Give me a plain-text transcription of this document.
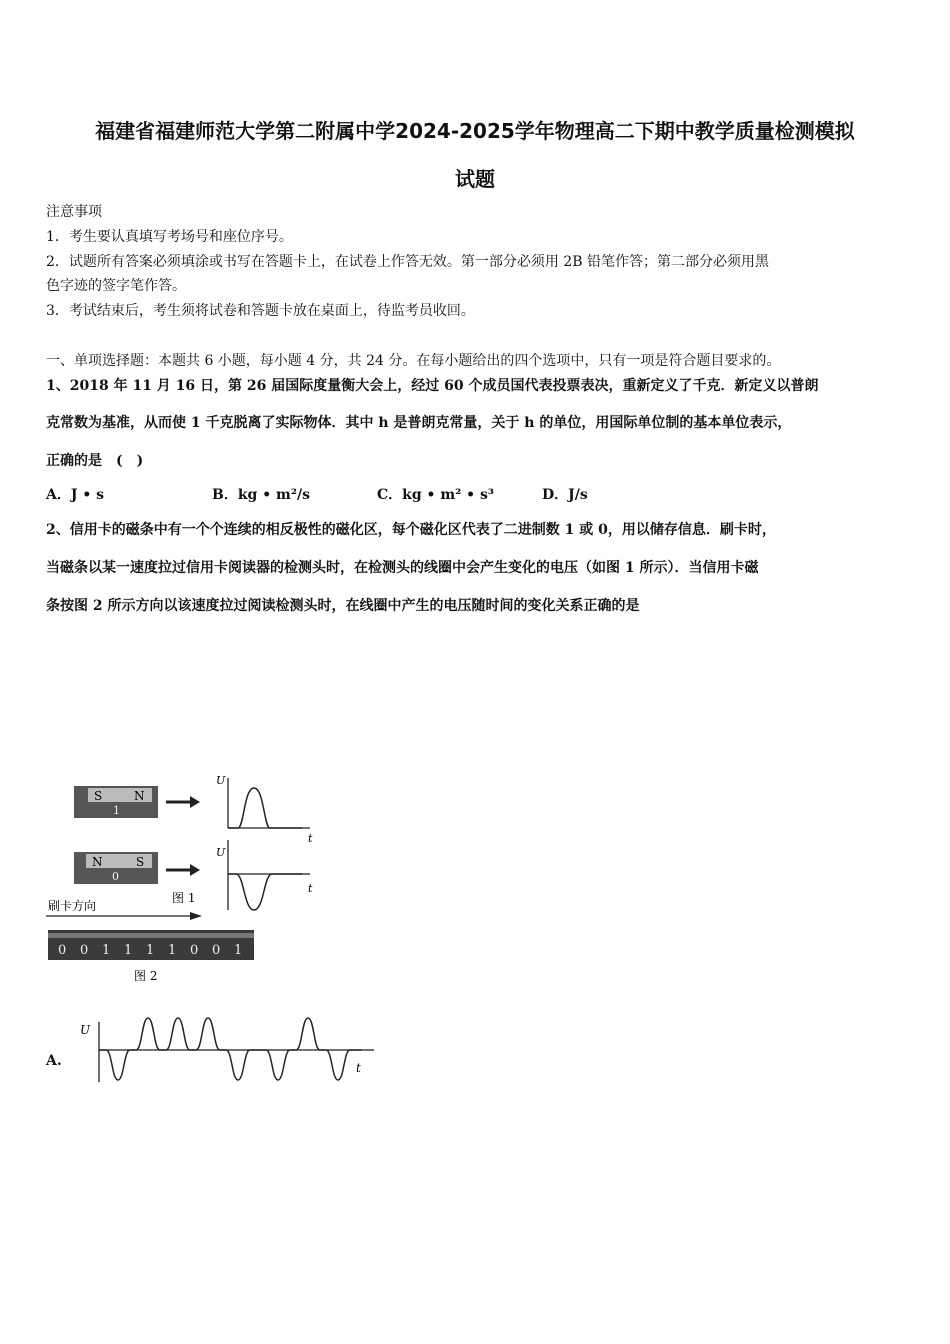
福建省福建师范大学第二附属中学2024-2025学年物理高二下期中教学质量检测模拟
试题
注意事项
1．考生要认真填写考场号和座位序号。
2．试题所有答案必须填涂或书写在答题卡上，在试卷上作答无效。第一部分必须用 2B 铅笔作答；第二部分必须用黑
色字迹的签字笔作答。
3．考试结束后，考生须将试卷和答题卡放在桌面上，待监考员收回。
一、单项选择题：本题共 6 小题，每小题 4 分，共 24 分。在每小题给出的四个选项中，只有一项是符合题目要求的。
1、2018 年 11 月 16 日，第 26 届国际度量衡大会上，经过 60 个成员国代表投票表决，重新定义了千克．新定义以普朗
克常数为基准，从而使 1 千克脱离了实际物体．其中 h 是普朗克常量，关于 h 的单位，用国际单位制的基本单位表示，
正确的是　(　)
A．J • s	B．kg • m²/s	C．kg • m² • s³	D．J/s
2、信用卡的磁条中有一个个连续的相反极性的磁化区，每个磁化区代表了二进制数 1 或 0，用以储存信息．刷卡时，
当磁条以某一速度拉过信用卡阅读器的检测头时，在检测头的线圈中会产生变化的电压（如图 1 所示）．当信用卡磁
条按图 2 所示方向以该速度拉过阅读检测头时，在线圈中产生的电压随时间的变化关系正确的是
S	N
1
U
t
N	S
0
U
t
图 1
刷卡方向
0 0 1 1 1 1 0 0 1
图 2
A.
U
t
